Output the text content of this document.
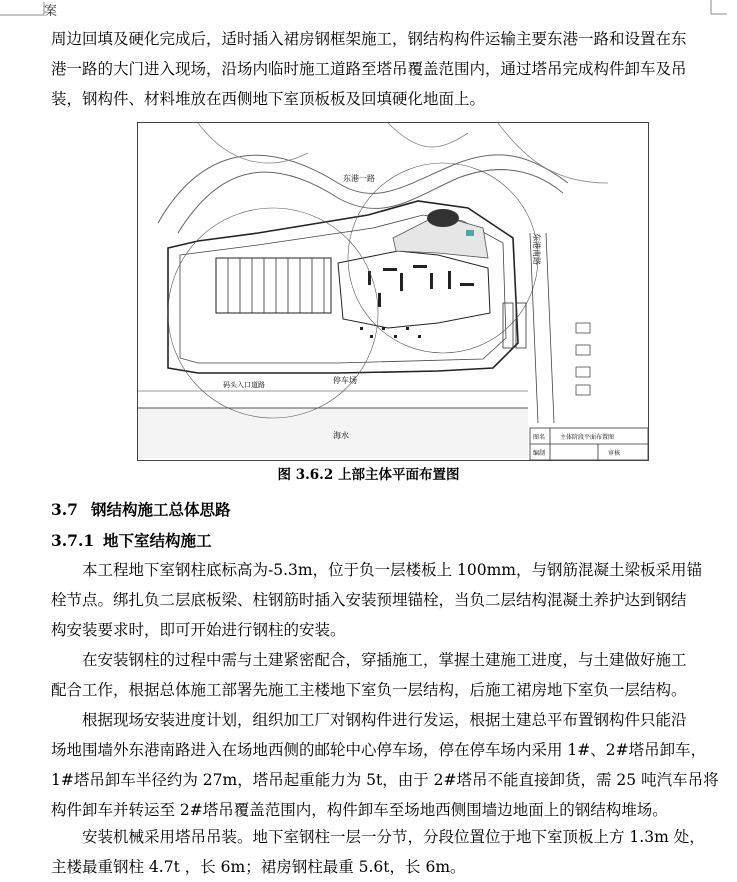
案

周边回填及硬化完成后，适时插入裙房钢框架施工，钢结构构件运输主要东港一路和设置在东
港一路的大门进入现场，沿场内临时施工道路至塔吊覆盖范围内，通过塔吊完成构件卸车及吊
装，钢构件、材料堆放在西侧地下室顶板板及回填硬化地面上。

海水
码头入口道路
东港一路
东港南路
停车场
图名 主体阶段平面布置图
编制	审核
图 3.6.2 上部主体平面布置图
3.7 钢结构施工总体思路
3.7.1 地下室结构施工

本工程地下室钢柱底标高为-5.3m，位于负一层楼板上 100mm，与钢筋混凝土梁板采用锚
栓节点。绑扎负二层底板梁、柱钢筋时插入安装预埋锚栓，当负二层结构混凝土养护达到钢结
构安装要求时，即可开始进行钢柱的安装。

在安装钢柱的过程中需与土建紧密配合，穿插施工，掌握土建施工进度，与土建做好施工
配合工作，根据总体施工部署先施工主楼地下室负一层结构，后施工裙房地下室负一层结构。

根据现场安装进度计划，组织加工厂对钢构件进行发运，根据土建总平布置钢构件只能沿
场地围墙外东港南路进入在场地西侧的邮轮中心停车场，停在停车场内采用 1#、2#塔吊卸车，
1#塔吊卸车半径约为 27m，塔吊起重能力为 5t，由于 2#塔吊不能直接卸货，需 25 吨汽车吊将
构件卸车并转运至 2#塔吊覆盖范围内，构件卸车至场地西侧围墙边地面上的钢结构堆场。

安装机械采用塔吊吊装。地下室钢柱一层一分节，分段位置位于地下室顶板上方 1.3m 处，
主楼最重钢柱 4.7t ，长 6m；裙房钢柱最重 5.6t，长 6m。
